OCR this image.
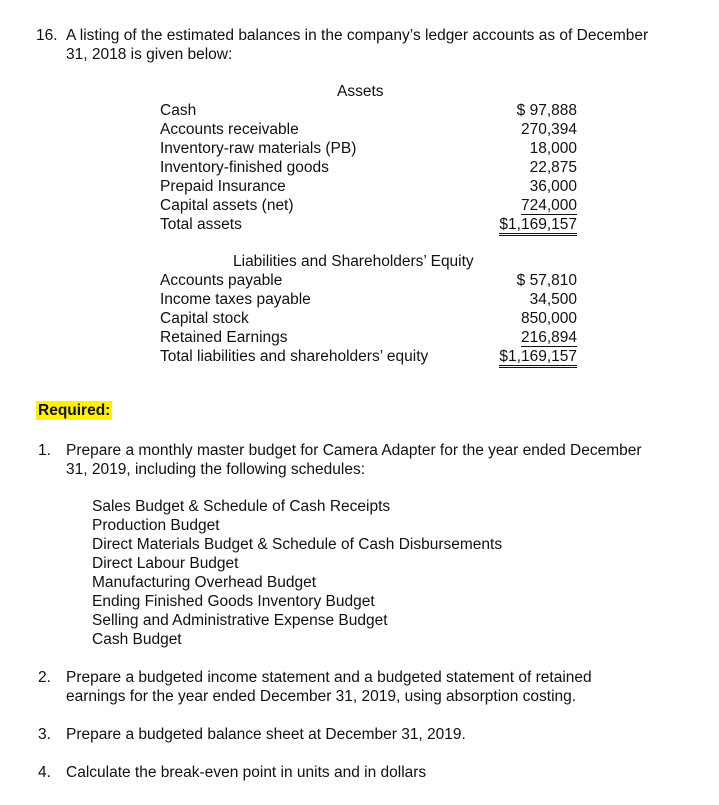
16. A listing of the estimated balances in the company’s ledger accounts as of December
31, 2018 is given below:
Assets
Cash	$ 97,888
Accounts receivable	270,394
Inventory-raw materials (PB)	18,000
Inventory-finished goods	22,875
Prepaid Insurance	36,000
Capital assets (net)	724,000
Total assets	$1,169,157
Liabilities and Shareholders’ Equity
Accounts payable	$ 57,810
Income taxes payable	34,500
Capital stock	850,000
Retained Earnings	216,894
Total liabilities and shareholders’ equity	$1,169,157
Required:
1. Prepare a monthly master budget for Camera Adapter for the year ended December
31, 2019, including the following schedules:
Sales Budget & Schedule of Cash Receipts
Production Budget
Direct Materials Budget & Schedule of Cash Disbursements
Direct Labour Budget
Manufacturing Overhead Budget
Ending Finished Goods Inventory Budget
Selling and Administrative Expense Budget
Cash Budget
2. Prepare a budgeted income statement and a budgeted statement of retained
earnings for the year ended December 31, 2019, using absorption costing.
3. Prepare a budgeted balance sheet at December 31, 2019.
4. Calculate the break-even point in units and in dollars
